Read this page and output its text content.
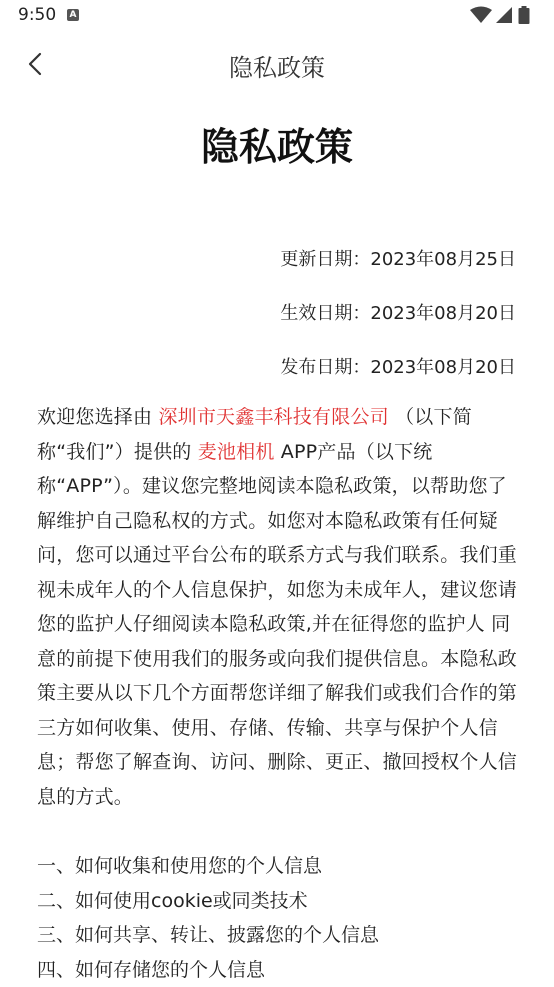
9:50 A
隐私政策
隐私政策
更新日期：2023年08月25日
生效日期：2023年08月20日
发布日期：2023年08月20日
欢迎您选择由 深圳市天鑫丰科技有限公司 （以下简称“我们”）提供的 麦池相机 APP产品（以下统称“APP”）。建议您完整地阅读本隐私政策，以帮助您了解维护自己隐私权的方式。如您对本隐私政策有任何疑问，您可以通过平台公布的联系方式与我们联系。我们重视未成年人的个人信息保护，如您为未成年人，建议您请您的监护人仔细阅读本隐私政策,并在征得您的监护人 同意的前提下使用我们的服务或向我们提供信息。本隐私政策主要从以下几个方面帮您详细了解我们或我们合作的第三方如何收集、使用、存储、传输、共享与保护个人信息；帮您了解查询、访问、删除、更正、撤回授权个人信息的方式。
一、如何收集和使用您的个人信息
二、如何使用cookie或同类技术
三、如何共享、转让、披露您的个人信息
四、如何存储您的个人信息
